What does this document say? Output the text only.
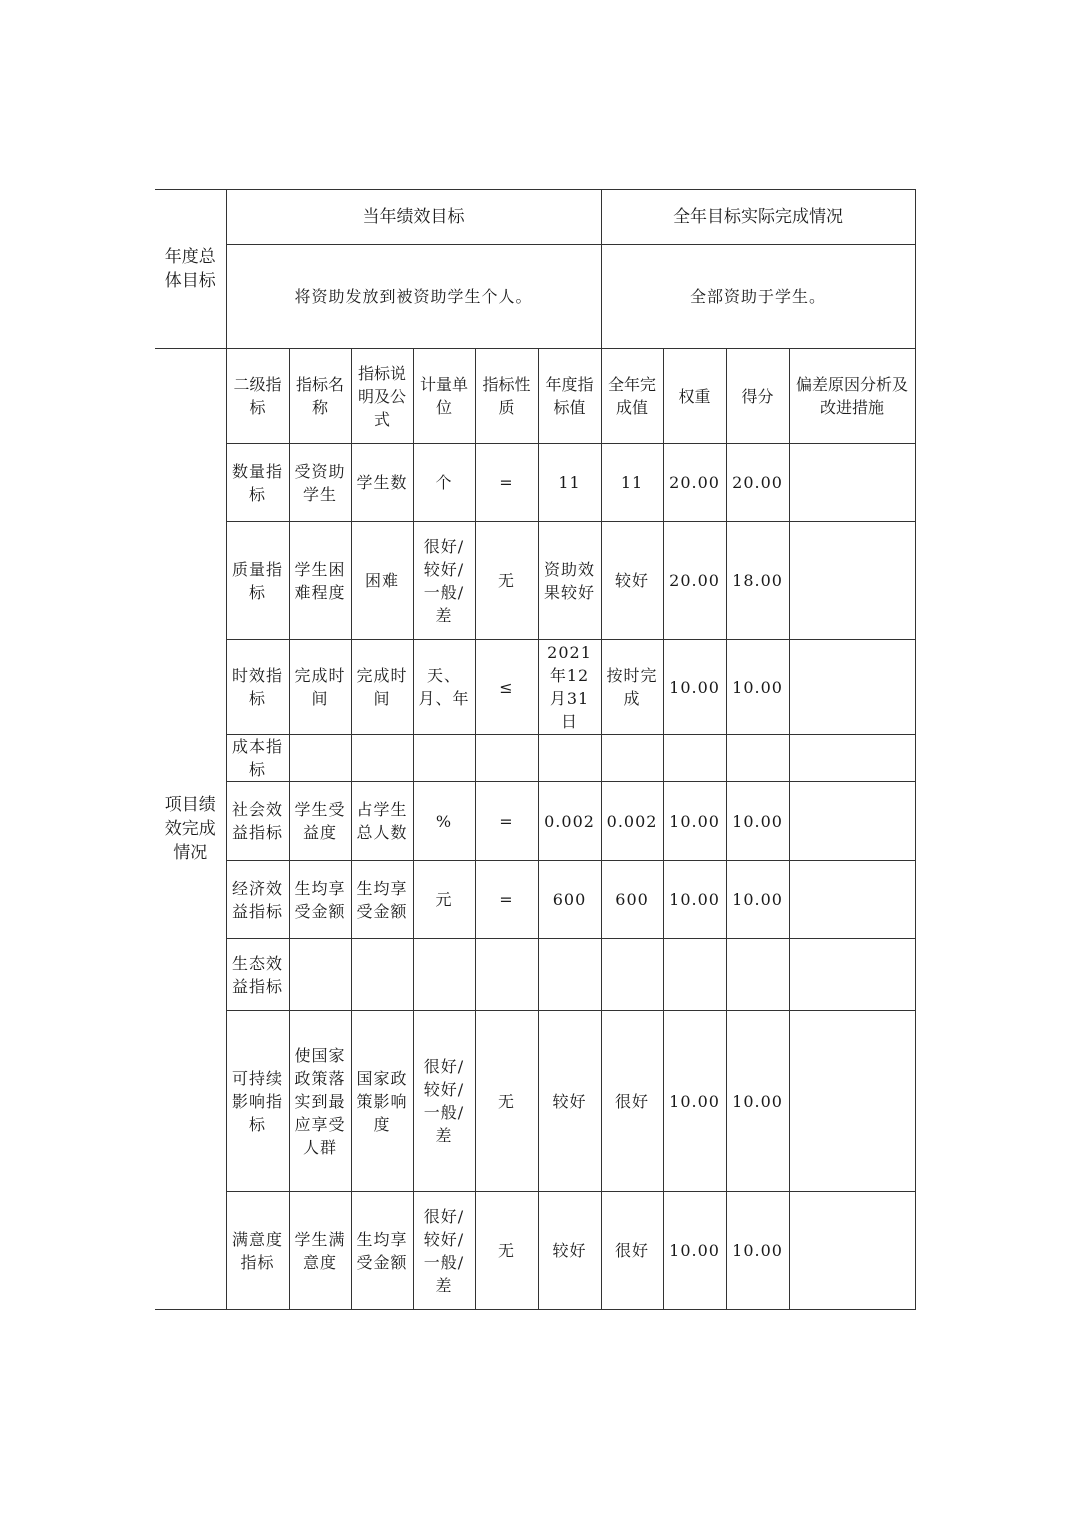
年度总体目标	当年绩效目标						全年目标实际完成情况			
	将资助发放到被资助学生个人。						全部资助于学生。			
项目绩效完成情况	二级指标	指标名称	指标说明及公式	计量单位	指标性质	年度指标值	全年完成值	权重	得分	偏差原因分析及改进措施
	数量指标	受资助学生	学生数	个	=	11	11	20.00	20.00	
	质量指标	学生困难程度	困难	很好/较好/一般/差	无	资助效果较好	较好	20.00	18.00	
	时效指标	完成时间	完成时间	天、月、年	≤	2021年12月31日	按时完成	10.00	10.00	
	成本指标									
	社会效益指标	学生受益度	占学生总人数	%	=	0.002	0.002	10.00	10.00	
	经济效益指标	生均享受金额	生均享受金额	元	=	600	600	10.00	10.00	
	生态效益指标									
	可持续影响指标	使国家政策落实到最应享受人群	国家政策影响度	很好/较好/一般/差	无	较好	很好	10.00	10.00	
	满意度指标	学生满意度	生均享受金额	很好/较好/一般/差	无	较好	很好	10.00	10.00	
